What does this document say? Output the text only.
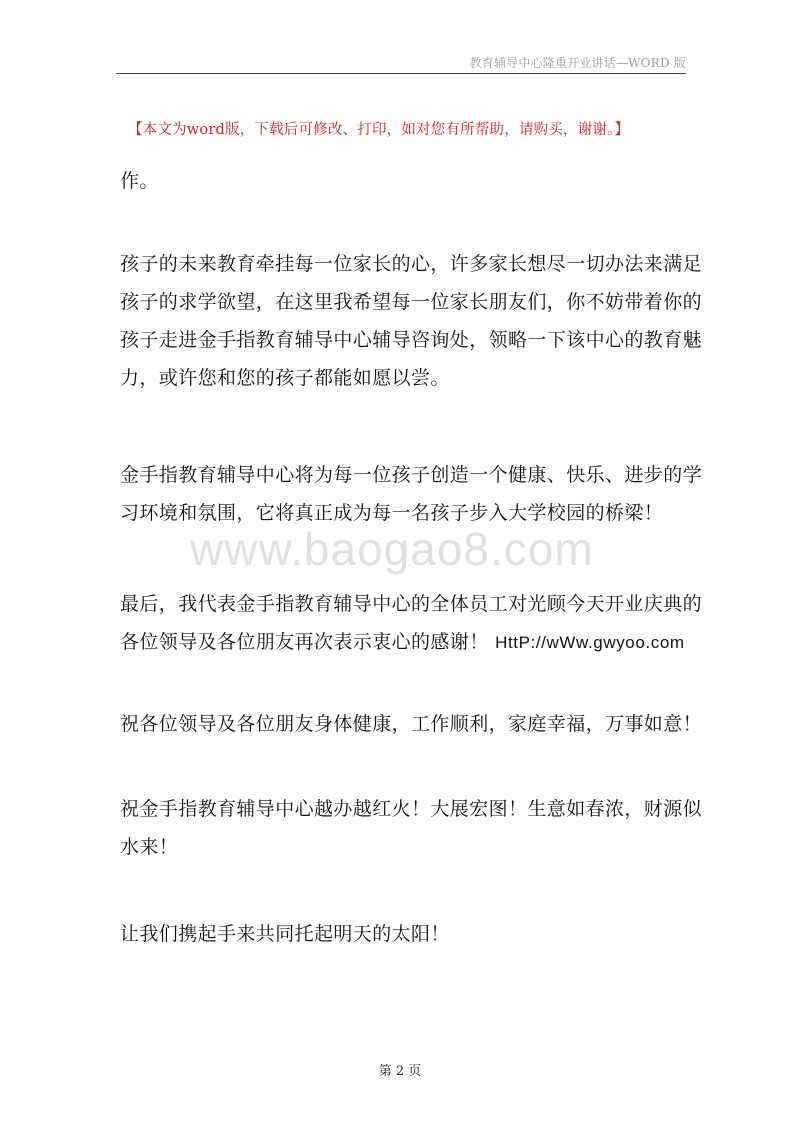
教育辅导中心隆重开业讲话—WORD 版
【本文为word版，下载后可修改、打印，如对您有所帮助，请购买，谢谢。】
作。
孩子的未来教育牵挂每一位家长的心，许多家长想尽一切办法来满足
孩子的求学欲望，在这里我希望每一位家长朋友们，你不妨带着你的
孩子走进金手指教育辅导中心辅导咨询处，领略一下该中心的教育魅
力，或许您和您的孩子都能如愿以尝。
金手指教育辅导中心将为每一位孩子创造一个健康、快乐、进步的学
习环境和氛围，它将真正成为每一名孩子步入大学校园的桥梁！
www.baogao8.com
最后，我代表金手指教育辅导中心的全体员工对光顾今天开业庆典的
各位领导及各位朋友再次表示衷心的感谢！ HttP://wWw.gwyoo.com
祝各位领导及各位朋友身体健康，工作顺利，家庭幸福，万事如意！
祝金手指教育辅导中心越办越红火！大展宏图！生意如春浓，财源似
水来！
让我们携起手来共同托起明天的太阳！
第 2 页
